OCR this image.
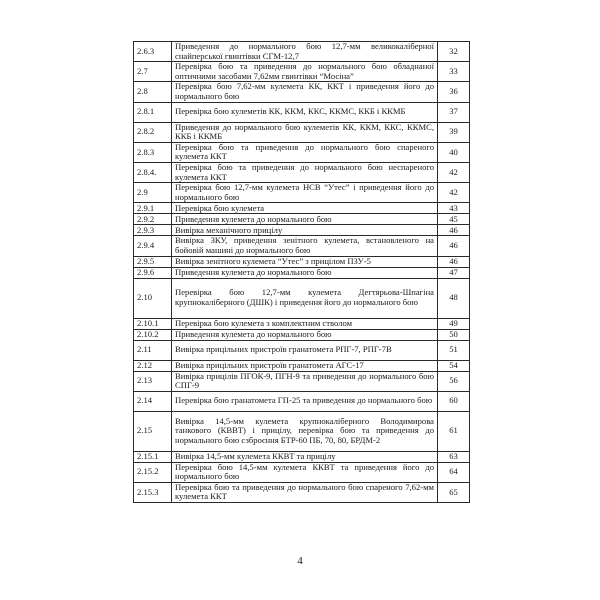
2.6.3	Приведення до нормального бою 12,7-мм великокаліберної снайперської гвинтівки СГМ-12,7	32
2.7	Перевірка бою та приведення до нормального бою обладнаної оптичними засобами 7,62мм гвинтівки “Мосіна”	33
2.8	Перевірка бою 7,62-мм кулемета КК, ККТ і приведення його до нормального бою	36
2.8.1	Перевірка бою кулеметів КК, ККМ, ККС, ККМС, ККБ і ККМБ	37
2.8.2	Приведення до нормального бою кулеметів КК, ККМ, ККС, ККМС, ККБ і ККМБ	39
2.8.3	Перевірка бою та приведення до нормального бою спареного кулемета ККТ	40
2.8.4.	Перевірка бою та приведення до нормального бою неспареного кулемета ККТ	42
2.9	Перевірка бою 12,7-мм кулемета НСВ “Утес” і приведення його до нормального бою	42
2.9.1	Перевірка бою кулемета	43
2.9.2	Приведення кулемета до нормального бою	45
2.9.3	Вивірка механічного прицілу	46
2.9.4	Вивірка ЗКУ, приведення зенітного кулемета, встановленого на бойовій машині до нормального бою	46
2.9.5	Вивірка зенітного кулемета “Утес” з прицілом ПЗУ-5	46
2.9.6	Приведення кулемета до нормального бою	47
2.10	Перевірка бою 12,7-мм кулемета Дегтярьова-Шпагіна крупнокаліберного (ДШК) і приведення його до нормального бою	48
2.10.1	Перевірка бою кулемета з комплектним стволом	49
2.10.2	Приведення кулемета до нормального бою	50
2.11	Вивірка прицільних пристроїв гранатомета РПГ-7, РПГ-7В	51
2.12	Вивірка прицільних пристроїв гранатомета АГС-17	54
2.13	Вивірка прицілів ПГОК-9, ПГН-9 та приведення до нормального бою СПГ-9	56
2.14	Перевірка бою гранатомета ГП-25 та приведення до нормального бою	60
2.15	Вивірка 14,5-мм кулемета крупнокаліберного Володимирова танкового (КВВТ) і прицілу, перевірка бою та приведення до нормального бою сзброєння БТР-60 ПБ, 70, 80, БРДМ-2	61
2.15.1	Вивірка 14,5-мм кулемета ККВТ та прицілу	63
2.15.2	Перевірка бою 14,5-мм кулемета ККВТ та приведення його до нормального бою	64
2.15.3	Перевірка бою та приведення до нормального бою спареного 7,62-мм кулемета ККТ	65
4
